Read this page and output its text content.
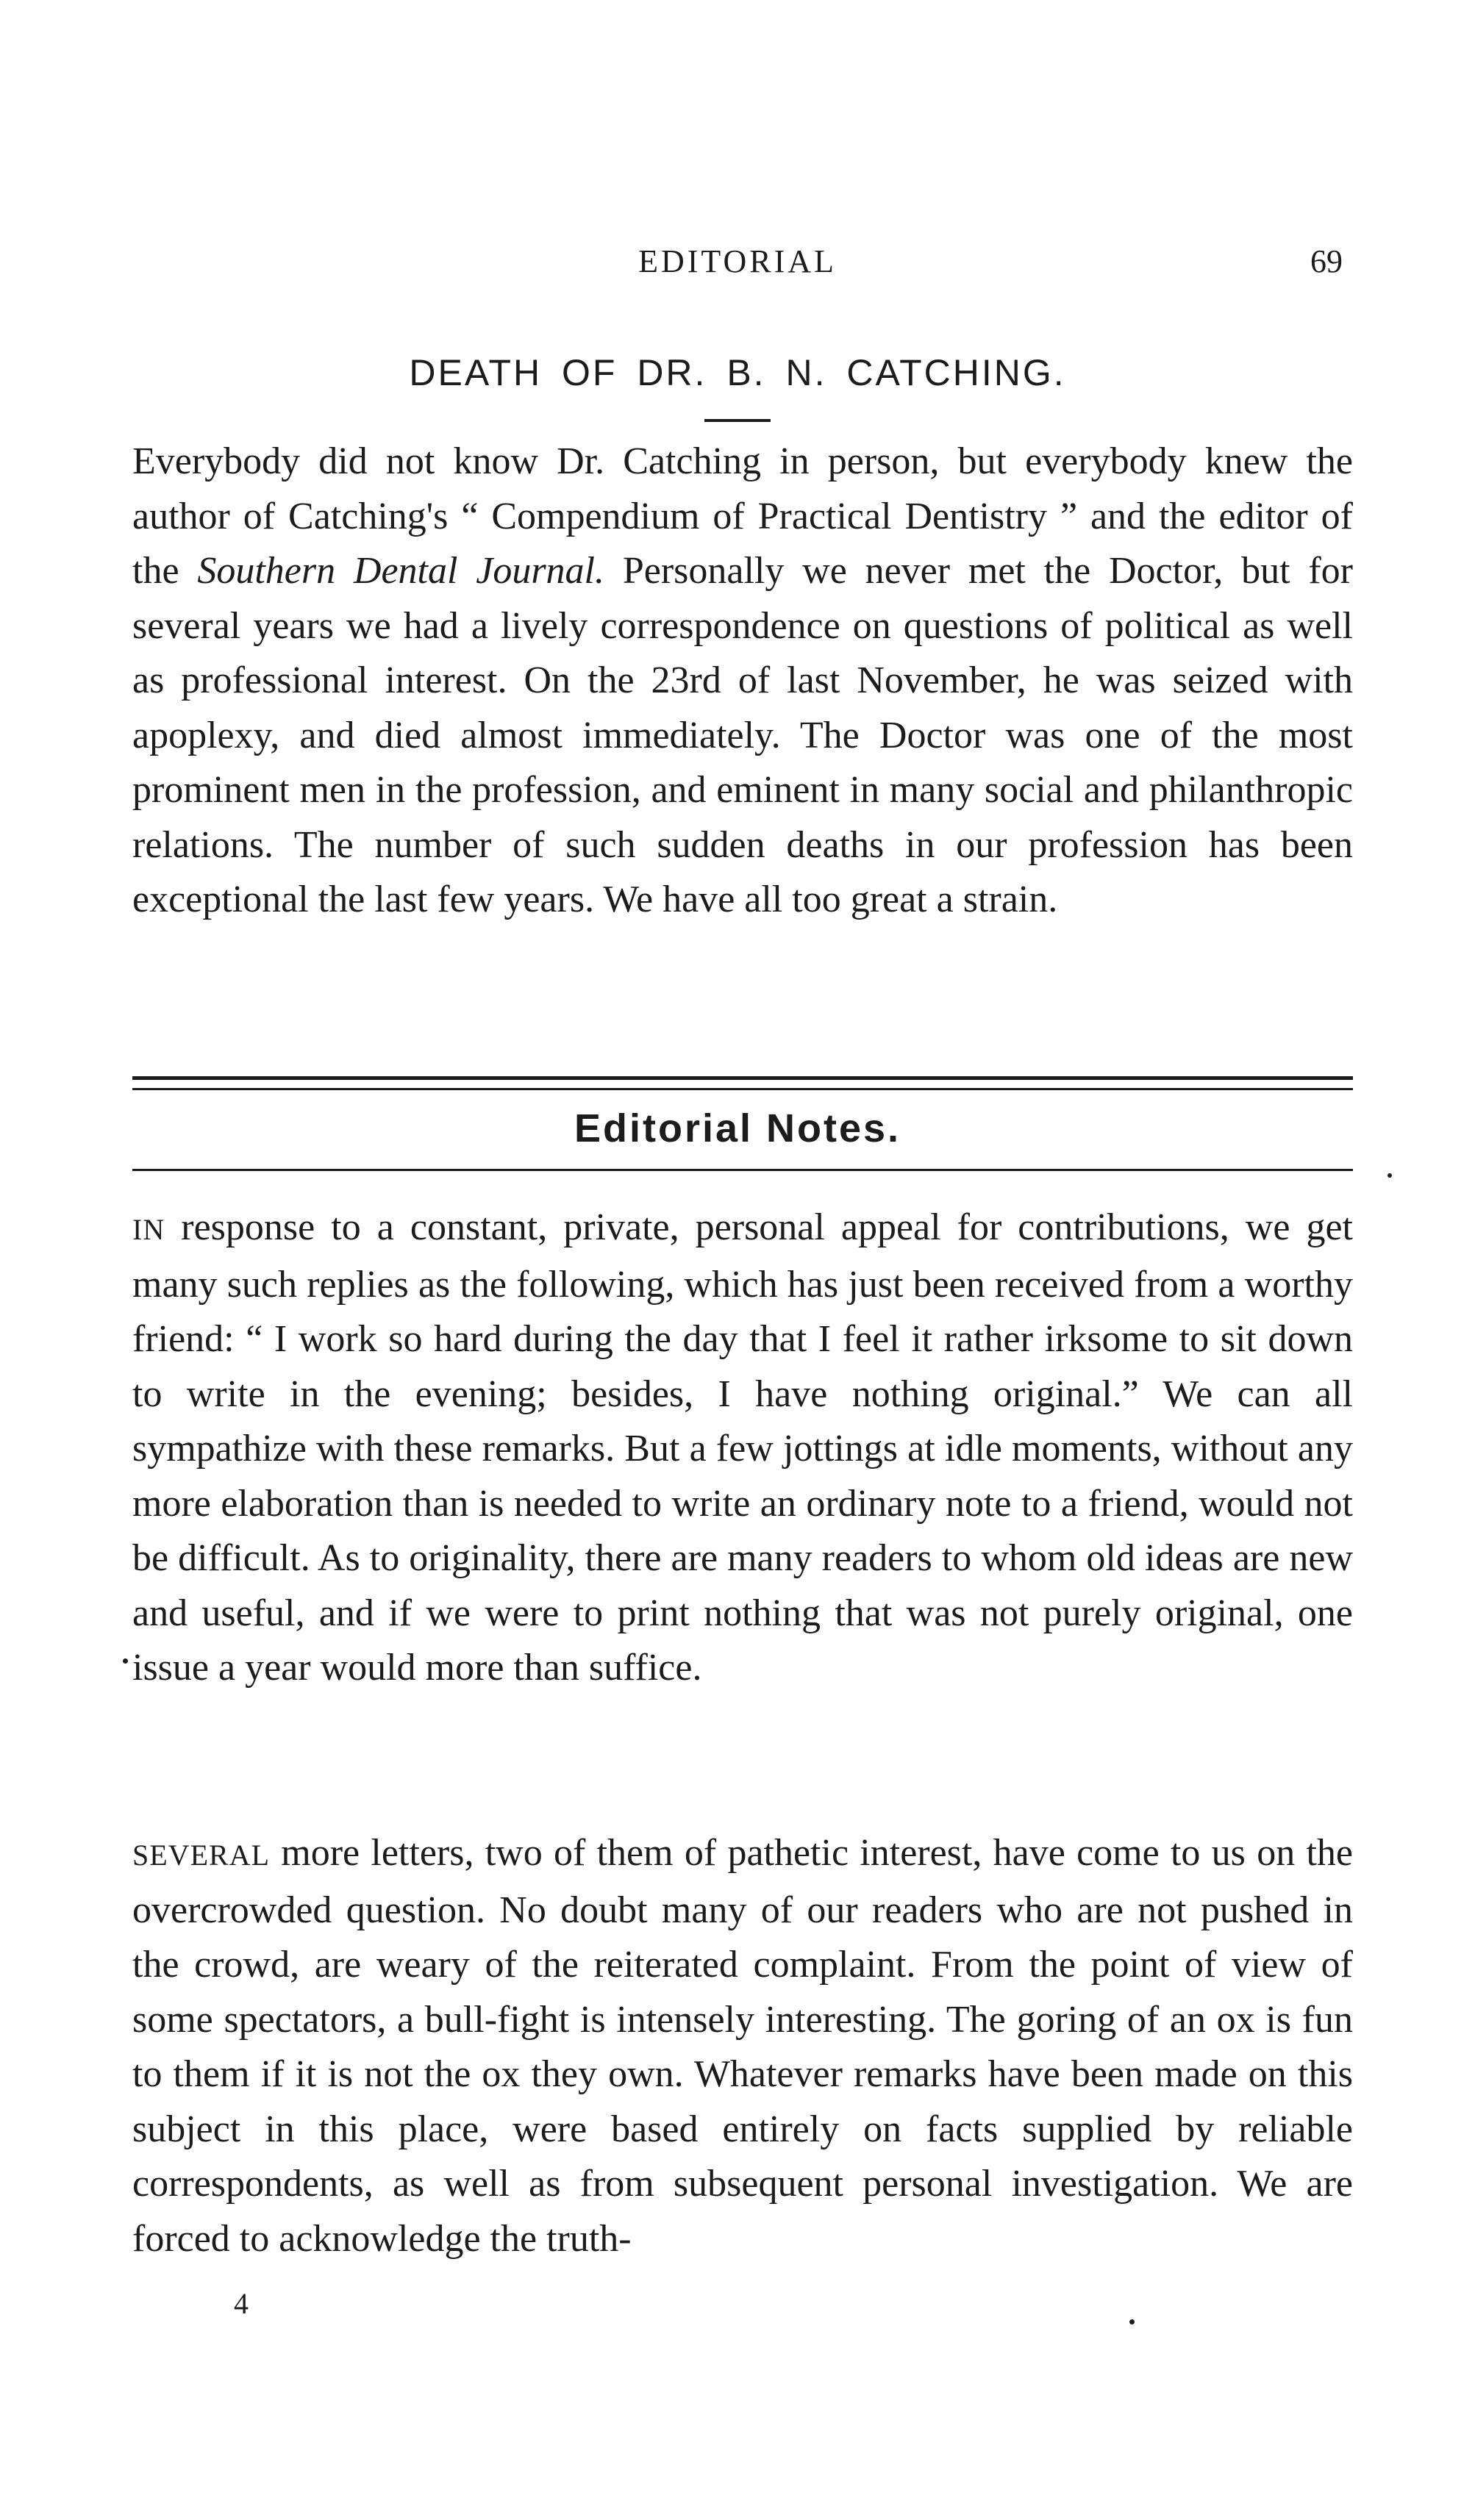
EDITORIAL	69
DEATH OF DR. B. N. CATCHING.

Everybody did not know Dr. Catching in person, but everybody knew the author of Catching's “ Compendium of Practical Dentistry ” and the editor of the Southern Dental Journal. Personally we never met the Doctor, but for several years we had a lively correspondence on questions of political as well as professional interest. On the 23rd of last November, he was seized with apoplexy, and died almost immediately. The Doctor was one of the most prominent men in the profession, and eminent in many social and philanthropic relations. The number of such sudden deaths in our profession has been exceptional the last few years. We have all too great a strain.

Editorial Notes.

IN response to a constant, private, personal appeal for contributions, we get many such replies as the following, which has just been received from a worthy friend: “ I work so hard during the day that I feel it rather irksome to sit down to write in the evening; besides, I have nothing original.” We can all sympathize with these remarks. But a few jottings at idle moments, without any more elaboration than is needed to write an ordinary note to a friend, would not be difficult. As to originality, there are many readers to whom old ideas are new and useful, and if we were to print nothing that was not purely original, one issue a year would more than suffice.

SEVERAL more letters, two of them of pathetic interest, have come to us on the overcrowded question. No doubt many of our readers who are not pushed in the crowd, are weary of the reiterated complaint. From the point of view of some spectators, a bull-fight is intensely interesting. The goring of an ox is fun to them if it is not the ox they own. Whatever remarks have been made on this subject in this place, were based entirely on facts supplied by reliable correspondents, as well as from subsequent personal investigation. We are forced to acknowledge the truth-

4
